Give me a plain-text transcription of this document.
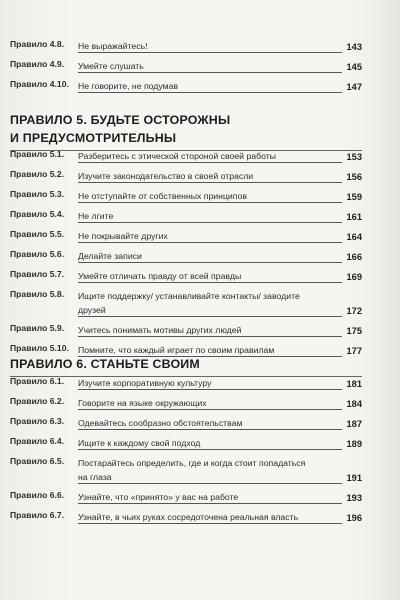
Правило 4.8. Не выражайтесь!	143
Правило 4.9. Умейте слушать	145
Правило 4.10. Не говорите, не подумав	147
ПРАВИЛО 5. БУДЬТЕ ОСТОРОЖНЫ
И ПРЕДУСМОТРИТЕЛЬНЫ
Правило 5.1. Разберитесь с этической стороной своей работы	153
Правило 5.2. Изучите законодательство в своей отрасли	156
Правило 5.3. Не отступайте от собственных принципов	159
Правило 5.4. Не лгите	161
Правило 5.5. Не покрывайте других	164
Правило 5.6. Делайте записи	166
Правило 5.7. Умейте отличать правду от всей правды	169
Правило 5.8. Ищите поддержку/ устанавливайте контакты/ заводите друзей	172
Правило 5.9. Учитесь понимать мотивы других людей	175
Правило 5.10. Помните, что каждый играет по своим правилам	177
ПРАВИЛО 6. СТАНЬТЕ СВОИМ
Правило 6.1. Изучите корпоративную культуру	181
Правило 6.2. Говорите на языке окружающих	184
Правило 6.3. Одевайтесь сообразно обстоятельствам	187
Правило 6.4. Ищите к каждому свой подход	189
Правило 6.5. Постарайтесь определить, где и когда стоит попадаться на глаза	191
Правило 6.6. Узнайте, что «принято» у вас на работе	193
Правило 6.7. Узнайте, в чьих руках сосредоточена реальная власть	196
